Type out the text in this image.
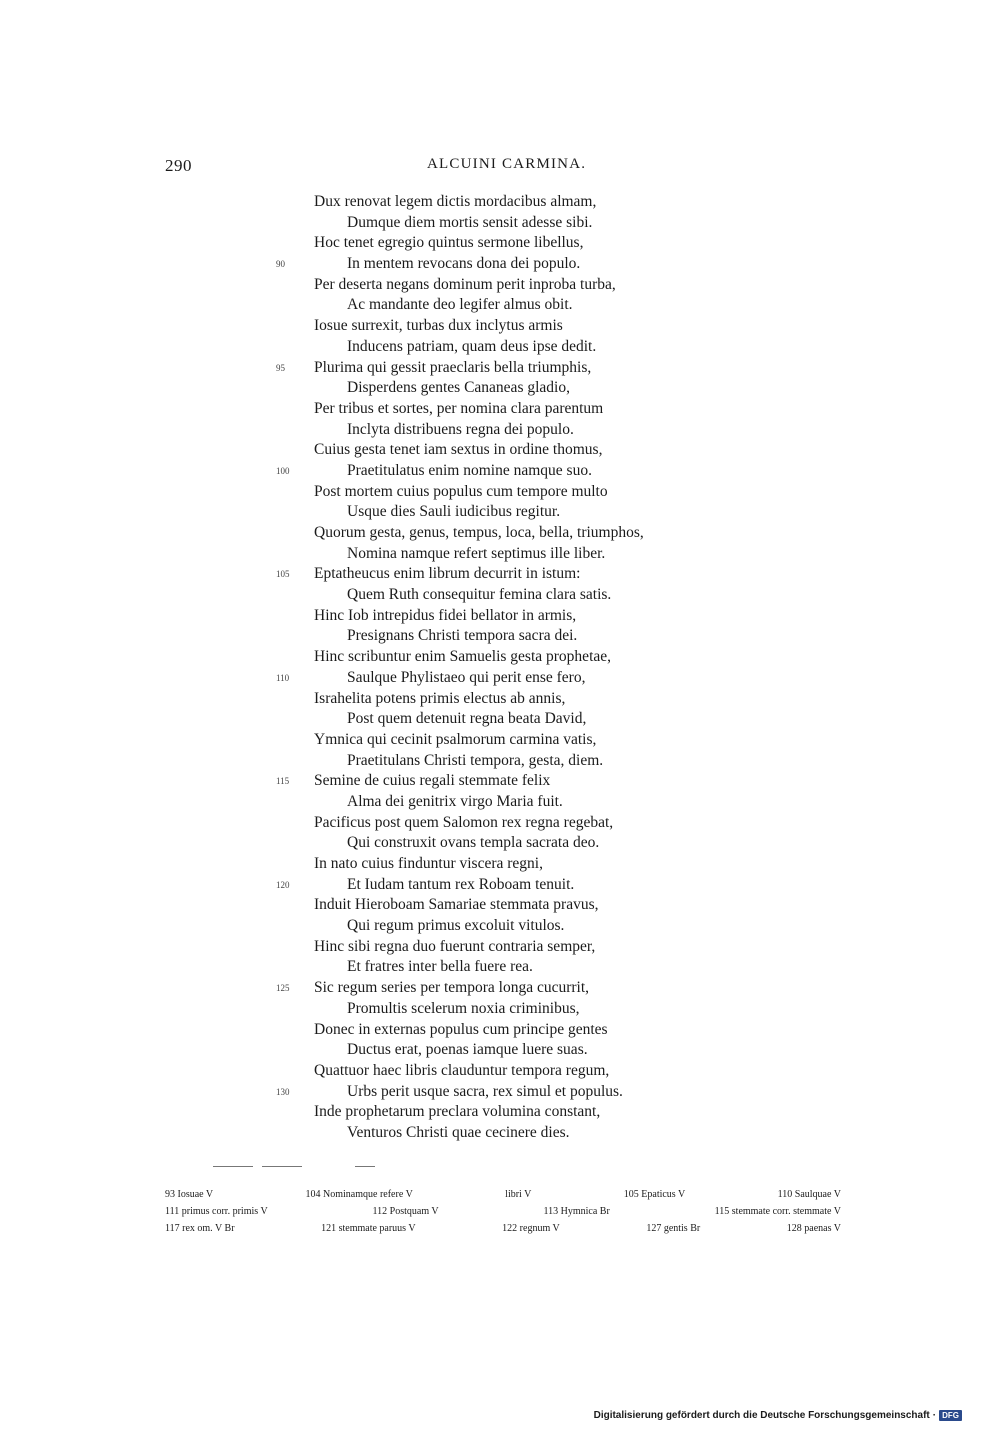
290	ALCUINI CARMINA.
Dux renovat legem dictis mordacibus almam,
Dumque diem mortis sensit adesse sibi.
Hoc tenet egregio quintus sermone libellus,
90	In mentem revocans dona dei populo.
Per deserta negans dominum perit inproba turba,
Ac mandante deo legifer almus obit.
Iosue surrexit, turbas dux inclytus armis
Inducens patriam, quam deus ipse dedit.
95 Plurima qui gessit praeclaris bella triumphis,
Disperdens gentes Cananeas gladio,
Per tribus et sortes, per nomina clara parentum
Inclyta distribuens regna dei populo.
Cuius gesta tenet iam sextus in ordine thomus,
100	Praetitulatus enim nomine namque suo.
Post mortem cuius populus cum tempore multo
Usque dies Sauli iudicibus regitur.
Quorum gesta, genus, tempus, loca, bella, triumphos,
Nomina namque refert septimus ille liber.
105 Eptatheucus enim librum decurrit in istum:
Quem Ruth consequitur femina clara satis.
Hinc Iob intrepidus fidei bellator in armis,
Presignans Christi tempora sacra dei.
Hinc scribuntur enim Samuelis gesta prophetae,
110	Saulque Phylistaeo qui perit ense fero,
Israhelita potens primis electus ab annis,
Post quem detenuit regna beata David,
Ymnica qui cecinit psalmorum carmina vatis,
Praetitulans Christi tempora, gesta, diem.
115 Semine de cuius regali stemmate felix
Alma dei genitrix virgo Maria fuit.
Pacificus post quem Salomon rex regna regebat,
Qui construxit ovans templa sacrata deo.
In nato cuius finduntur viscera regni,
120	Et Iudam tantum rex Roboam tenuit.
Induit Hieroboam Samariae stemmata pravus,
Qui regum primus excoluit vitulos.
Hinc sibi regna duo fuerunt contraria semper,
Et fratres inter bella fuere rea.
125 Sic regum series per tempora longa cucurrit,
Promultis scelerum noxia criminibus,
Donec in externas populus cum principe gentes
Ductus erat, poenas iamque luere suas.
Quattuor haec libris clauduntur tempora regum,
130	Urbs perit usque sacra, rex simul et populus.
Inde prophetarum preclara volumina constant,
Venturos Christi quae cecinere dies.
93 Iosuae V	104 Nominamque refere V	libri V	105 Epaticus V	110 Saulquae V
111 primus corr. primis V	112 Postquam V	113 Hymnica Br	115 stemmate corr. stemmate V
117 rex om. V Br	121 stemmate paruus V	122 regnum V	127 gentis Br	128 paenas V
Digitalisierung gefördert durch die Deutsche Forschungsgemeinschaft · DFG
